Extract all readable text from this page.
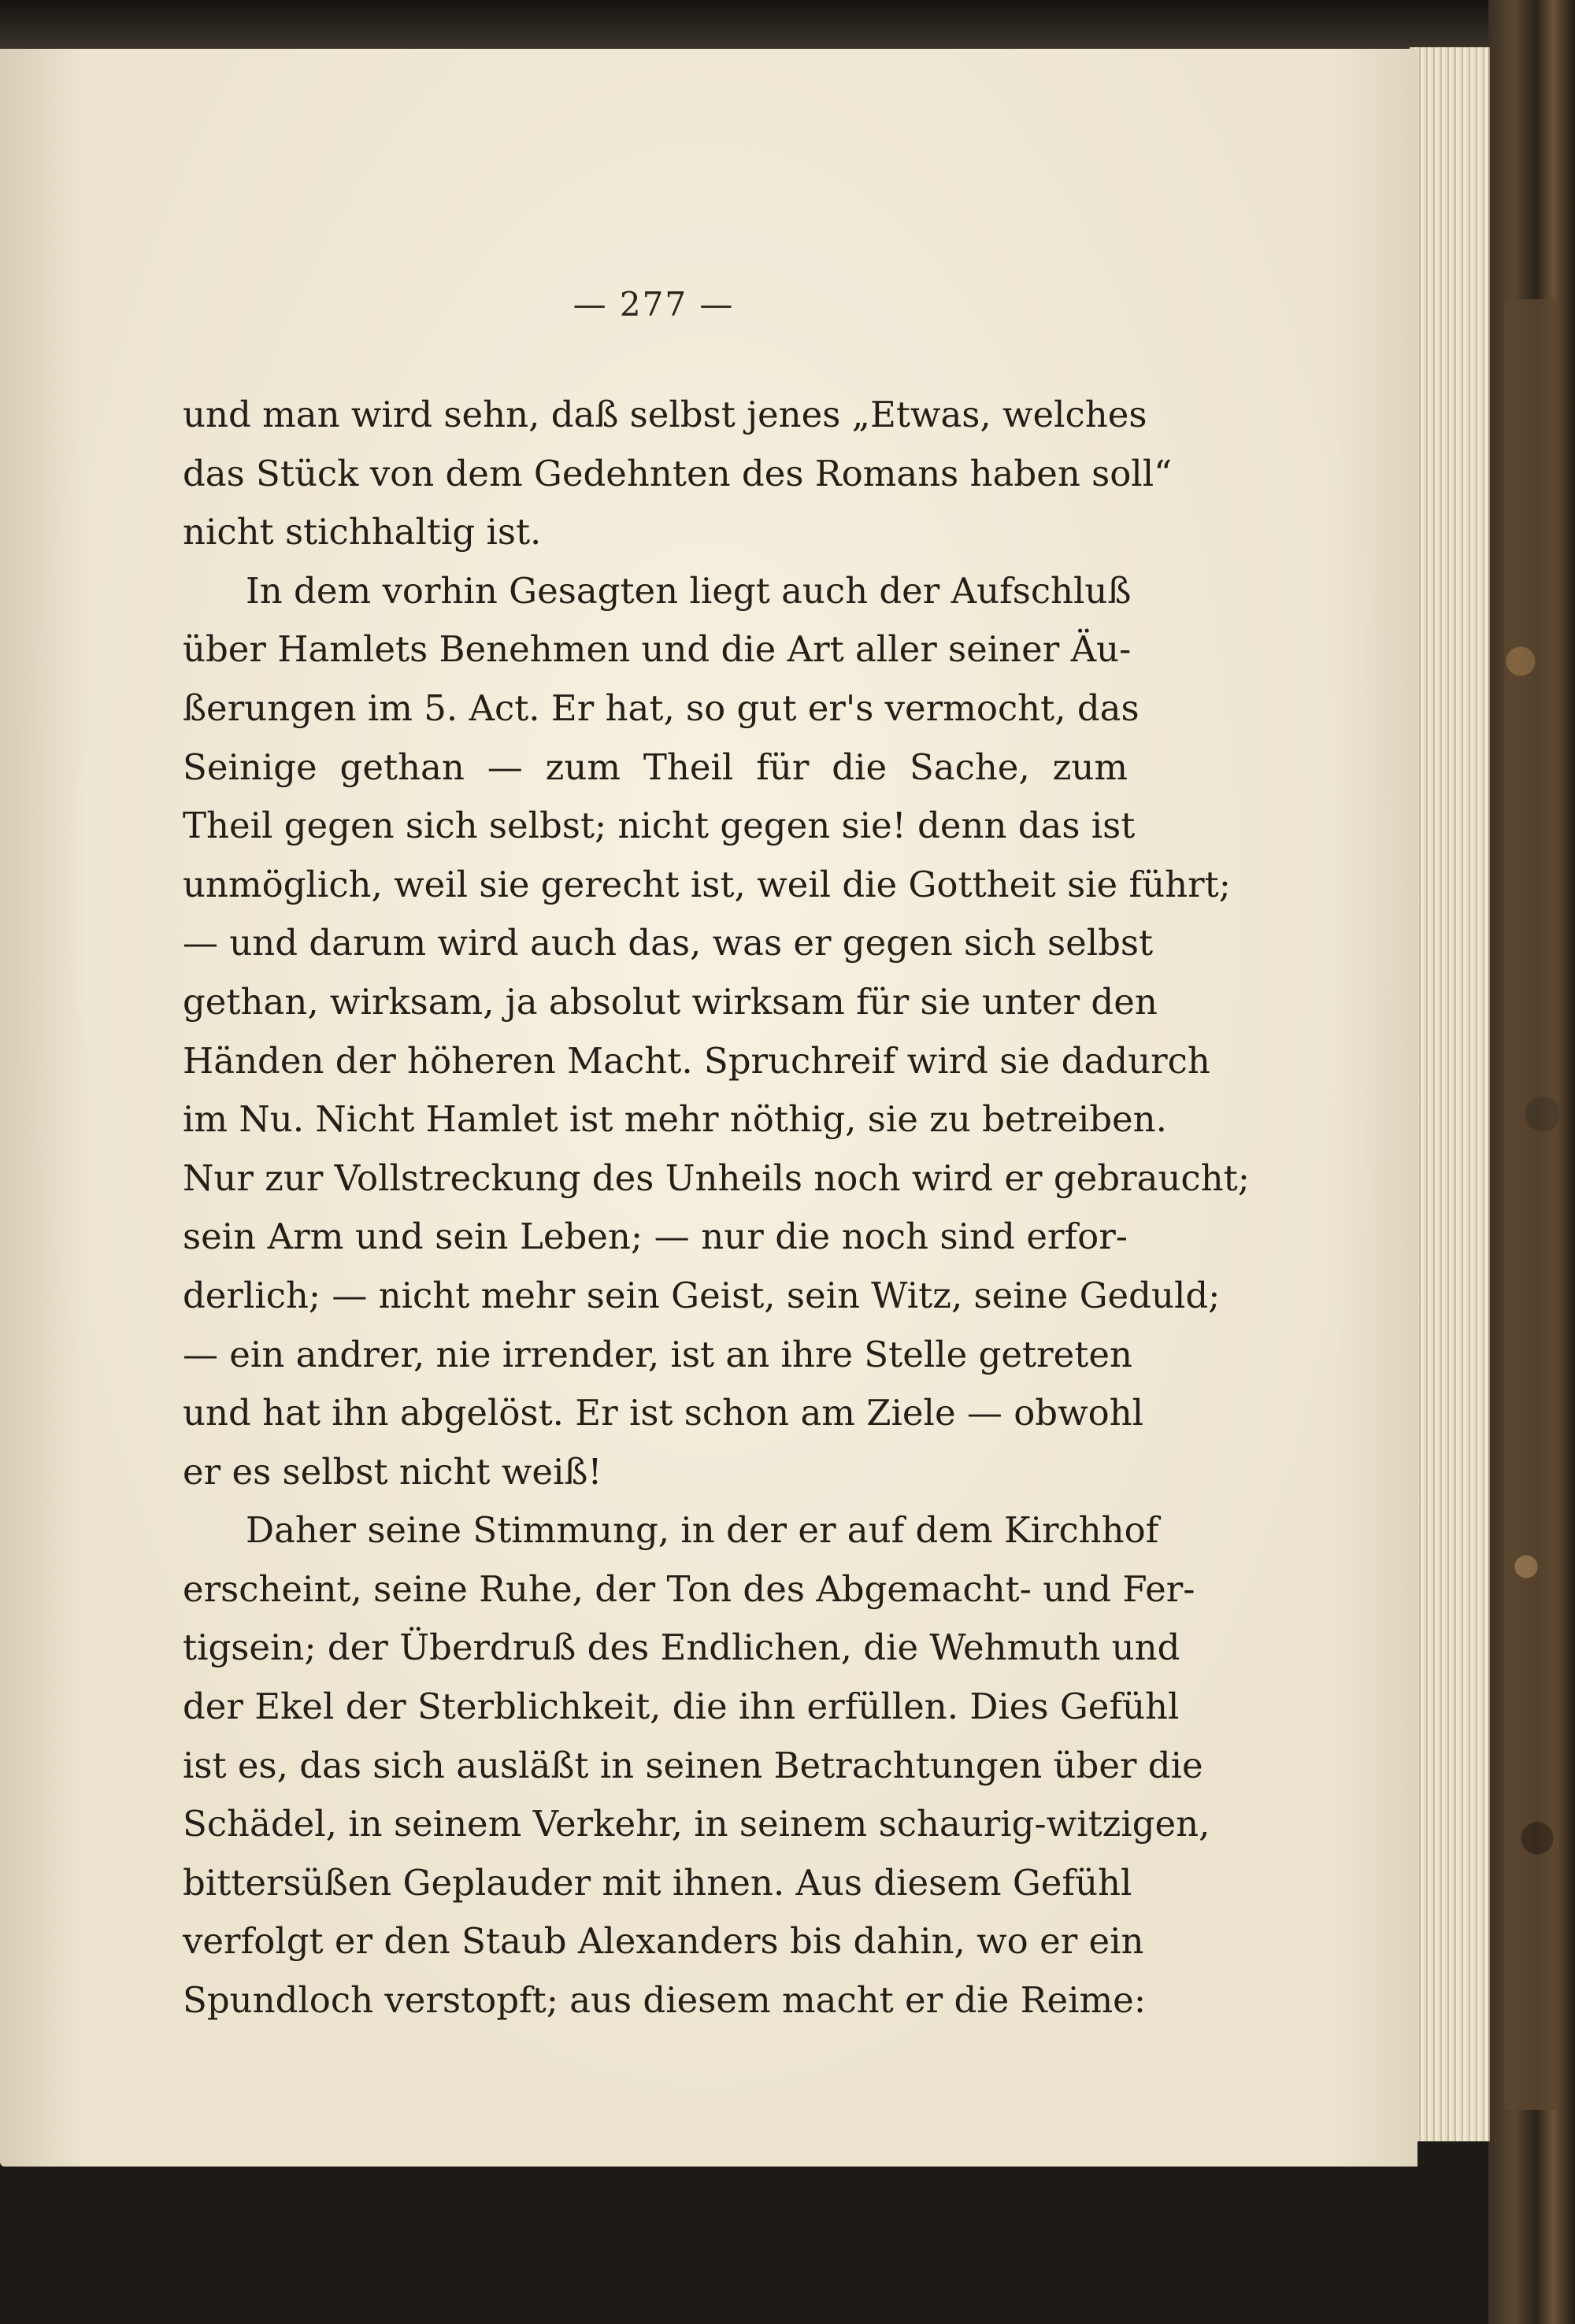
— 277 —
und man wird sehn, daß selbst jenes „Etwas, welches
das Stück von dem Gedehnten des Romans haben soll“
nicht stichhaltig ist.
In dem vorhin Gesagten liegt auch der Aufschluß
über Hamlets Benehmen und die Art aller seiner Äu-
ßerungen im 5. Act. Er hat, so gut er's vermocht, das
Seinige gethan — zum Theil für die Sache, zum
Theil gegen sich selbst; nicht gegen sie! denn das ist
unmöglich, weil sie gerecht ist, weil die Gottheit sie führt;
— und darum wird auch das, was er gegen sich selbst
gethan, wirksam, ja absolut wirksam für sie unter den
Händen der höheren Macht. Spruchreif wird sie dadurch
im Nu. Nicht Hamlet ist mehr nöthig, sie zu betreiben.
Nur zur Vollstreckung des Unheils noch wird er gebraucht;
sein Arm und sein Leben; — nur die noch sind erfor-
derlich; — nicht mehr sein Geist, sein Witz, seine Geduld;
— ein andrer, nie irrender, ist an ihre Stelle getreten
und hat ihn abgelöst. Er ist schon am Ziele — obwohl
er es selbst nicht weiß!
Daher seine Stimmung, in der er auf dem Kirchhof
erscheint, seine Ruhe, der Ton des Abgemacht- und Fer-
tigsein; der Überdruß des Endlichen, die Wehmuth und
der Ekel der Sterblichkeit, die ihn erfüllen. Dies Gefühl
ist es, das sich ausläßt in seinen Betrachtungen über die
Schädel, in seinem Verkehr, in seinem schaurig-witzigen,
bittersüßen Geplauder mit ihnen. Aus diesem Gefühl
verfolgt er den Staub Alexanders bis dahin, wo er ein
Spundloch verstopft; aus diesem macht er die Reime:
